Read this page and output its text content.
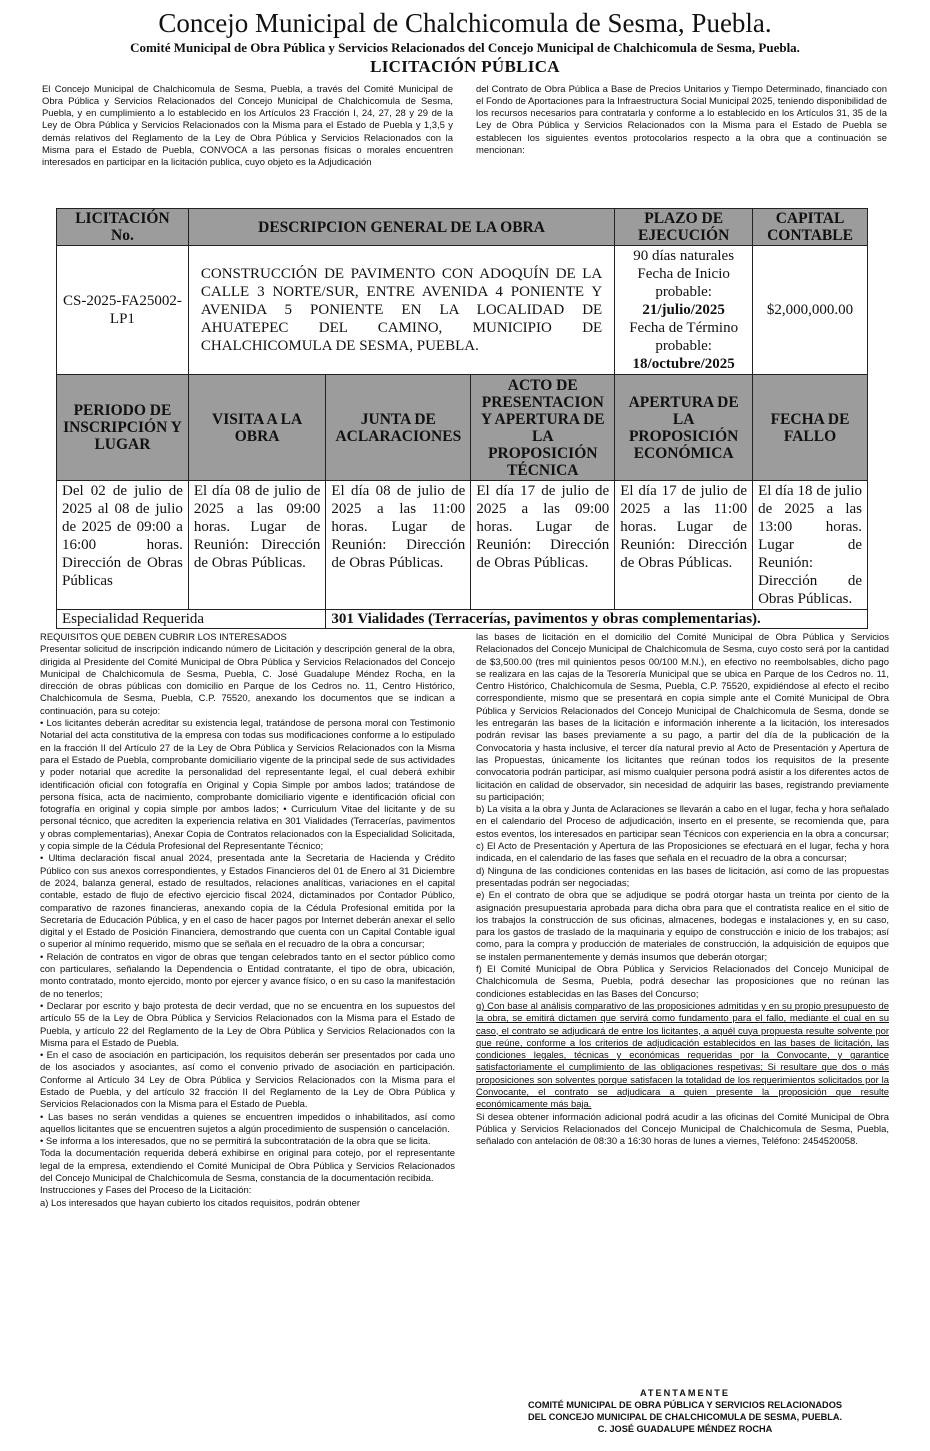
Concejo Municipal de Chalchicomula de Sesma, Puebla.
Comité Municipal de Obra Pública y Servicios Relacionados del Concejo Municipal de Chalchicomula de Sesma, Puebla.
LICITACIÓN PÚBLICA
El Concejo Municipal de Chalchicomula de Sesma, Puebla, a través del Comité Municipal de Obra Pública y Servicios Relacionados del Concejo Municipal de Chalchicomula de Sesma, Puebla, y en cumplimiento a lo establecido en los Artículos 23 Fracción I, 24, 27, 28 y 29 de la Ley de Obra Pública y Servicios Relacionados con la Misma para el Estado de Puebla y 1,3,5 y demás relativos del Reglamento de la Ley de Obra Pública y Servicios Relacionados con la Misma para el Estado de Puebla, CONVOCA a las personas físicas o morales encuentren interesados en participar en la licitación publica, cuyo objeto es la Adjudicación
del Contrato de Obra Pública a Base de Precios Unitarios y Tiempo Determinado, financiado con el Fondo de Aportaciones para la Infraestructura Social Municipal 2025, teniendo disponibilidad de los recursos necesarios para contratarla y conforme a lo establecido en los Artículos 31, 35 de la Ley de Obra Pública y Servicios Relacionados con la Misma para el Estado de Puebla se establecen los siguientes eventos protocolarios respecto a la obra que a continuación se mencionan:
LICITACIÓN No.	DESCRIPCION GENERAL DE LA OBRA			PLAZO DE EJECUCIÓN	CAPITAL CONTABLE
CS-2025-FA25002-LP1	CONSTRUCCIÓN DE PAVIMENTO CON ADOQUÍN DE LA CALLE 3 NORTE/SUR, ENTRE AVENIDA 4 PONIENTE Y AVENIDA 5 PONIENTE EN LA LOCALIDAD DE AHUATEPEC DEL CAMINO, MUNICIPIO DE CHALCHICOMULA DE SESMA, PUEBLA.			90 días naturales
Fecha de Inicio probable:
21/julio/2025
Fecha de Término probable:
18/octubre/2025	$2,000,000.00
PERIODO DE INSCRIPCIÓN Y LUGAR	VISITA A LA OBRA	JUNTA DE ACLARACIONES	ACTO DE PRESENTACION Y APERTURA DE LA PROPOSICIÓN TÉCNICA	APERTURA DE LA PROPOSICIÓN ECONÓMICA	FECHA DE FALLO
Del 02 de julio de 2025 al 08 de julio de 2025 de 09:00 a 16:00 horas. Dirección de Obras Públicas	El día 08 de julio de 2025 a las 09:00 horas. Lugar de Reunión: Dirección de Obras Públicas.	El día 08 de julio de 2025 a las 11:00 horas. Lugar de Reunión: Dirección de Obras Públicas.	El día 17 de julio de 2025 a las 09:00 horas. Lugar de Reunión: Dirección de Obras Públicas.	El día 17 de julio de 2025 a las 11:00 horas. Lugar de Reunión: Dirección de Obras Públicas.	El día 18 de julio de 2025 a las 13:00 horas. Lugar de Reunión: Dirección de Obras Públicas.
Especialidad Requerida		301 Vialidades (Terracerías, pavimentos y obras complementarias).			

REQUISITOS QUE DEBEN CUBRIR LOS INTERESADOS

Presentar solicitud de inscripción indicando número de Licitación y descripción general de la obra, dirigida al Presidente del Comité Municipal de Obra Pública y Servicios Relacionados del Concejo Municipal de Chalchicomula de Sesma, Puebla, C. José Guadalupe Méndez Rocha, en la dirección de obras públicas con domicilio en Parque de los Cedros no. 11, Centro Histórico, Chalchicomula de Sesma, Puebla, C.P. 75520, anexando los documentos que se indican a continuación, para su cotejo:

• Los licitantes deberán acreditar su existencia legal, tratándose de persona moral con Testimonio Notarial del acta constitutiva de la empresa con todas sus modificaciones conforme a lo estipulado en la fracción II del Artículo 27 de la Ley de Obra Pública y Servicios Relacionados con la Misma para el Estado de Puebla, comprobante domiciliario vigente de la principal sede de sus actividades y poder notarial que acredite la personalidad del representante legal, el cual deberá exhibir identificación oficial con fotografía en Original y Copia Simple por ambos lados; tratándose de persona física, acta de nacimiento, comprobante domiciliario vigente e identificación oficial con fotografía en original y copia simple por ambos lados; • Curriculum Vitae del licitante y de su personal técnico, que acrediten la experiencia relativa en 301 Vialidades (Terracerías, pavimentos y obras complementarias), Anexar Copia de Contratos relacionados con la Especialidad Solicitada, y copia simple de la Cédula Profesional del Representante Técnico;

• Ultima declaración fiscal anual 2024, presentada ante la Secretaria de Hacienda y Crédito Público con sus anexos correspondientes, y Estados Financieros del 01 de Enero al 31 Diciembre de 2024, balanza general, estado de resultados, relaciones analíticas, variaciones en el capital contable, estado de flujo de efectivo ejercicio fiscal 2024, dictaminados por Contador Público, comparativo de razones financieras, anexando copia de la Cédula Profesional emitida por la Secretaria de Educación Pública, y en el caso de hacer pagos por Internet deberán anexar el sello digital y el Estado de Posición Financiera, demostrando que cuenta con un Capital Contable igual o superior al mínimo requerido, mismo que se señala en el recuadro de la obra a concursar;

• Relación de contratos en vigor de obras que tengan celebrados tanto en el sector público como con particulares, señalando la Dependencia o Entidad contratante, el tipo de obra, ubicación, monto contratado, monto ejercido, monto por ejercer y avance físico, o en su caso la manifestación de no tenerlos;

• Declarar por escrito y bajo protesta de decir verdad, que no se encuentra en los supuestos del artículo 55 de la Ley de Obra Pública y Servicios Relacionados con la Misma para el Estado de Puebla, y artículo 22 del Reglamento de la Ley de Obra Pública y Servicios Relacionados con la Misma para el Estado de Puebla.

• En el caso de asociación en participación, los requisitos deberán ser presentados por cada uno de los asociados y asociantes, así como el convenio privado de asociación en participación. Conforme al Artículo 34 Ley de Obra Pública y Servicios Relacionados con la Misma para el Estado de Puebla, y del artículo 32 fracción II del Reglamento de la Ley de Obra Pública y Servicios Relacionados con la Misma para el Estado de Puebla.

• Las bases no serán vendidas a quienes se encuentren impedidos o inhabilitados, así como aquellos licitantes que se encuentren sujetos a algún procedimiento de suspensión o cancelación.

• Se informa a los interesados, que no se permitirá la subcontratación de la obra que se licita.

Toda la documentación requerida deberá exhibirse en original para cotejo, por el representante legal de la empresa, extendiendo el Comité Municipal de Obra Pública y Servicios Relacionados del Concejo Municipal de Chalchicomula de Sesma, constancia de la documentación recibida.

Instrucciones y Fases del Proceso de la Licitación:

a) Los interesados que hayan cubierto los citados requisitos, podrán obtener

las bases de licitación en el domicilio del Comité Municipal de Obra Pública y Servicios Relacionados del Concejo Municipal de Chalchicomula de Sesma, cuyo costo será por la cantidad de $3,500.00 (tres mil quinientos pesos 00/100 M.N.), en efectivo no reembolsables, dicho pago se realizara en las cajas de la Tesorería Municipal que se ubica en Parque de los Cedros no. 11, Centro Histórico, Chalchicomula de Sesma, Puebla, C.P. 75520, expidiéndose al efecto el recibo correspondiente, mismo que se presentará en copia simple ante el Comité Municipal de Obra Pública y Servicios Relacionados del Concejo Municipal de Chalchicomula de Sesma, donde se les entregarán las bases de la licitación e información inherente a la licitación, los interesados podrán revisar las bases previamente a su pago, a partir del día de la publicación de la Convocatoria y hasta inclusive, el tercer día natural previo al Acto de Presentación y Apertura de las Propuestas, únicamente los licitantes que reúnan todos los requisitos de la presente convocatoria podrán participar, así mismo cualquier persona podrá asistir a los diferentes actos de licitación en calidad de observador, sin necesidad de adquirir las bases, registrando previamente su participación;

b) La visita a la obra y Junta de Aclaraciones se llevarán a cabo en el lugar, fecha y hora señalado en el calendario del Proceso de adjudicación, inserto en el presente, se recomienda que, para estos eventos, los interesados en participar sean Técnicos con experiencia en la obra a concursar; c) El Acto de Presentación y Apertura de las Proposiciones se efectuará en el lugar, fecha y hora indicada, en el calendario de las fases que señala en el recuadro de la obra a concursar;

d) Ninguna de las condiciones contenidas en las bases de licitación, así como de las propuestas presentadas podrán ser negociadas;

e) En el contrato de obra que se adjudique se podrá otorgar hasta un treinta por ciento de la asignación presupuestaria aprobada para dicha obra para que el contratista realice en el sitio de los trabajos la construcción de sus oficinas, almacenes, bodegas e instalaciones y, en su caso, para los gastos de traslado de la maquinaria y equipo de construcción e inicio de los trabajos; así como, para la compra y producción de materiales de construcción, la adquisición de equipos que se instalen permanentemente y demás insumos que deberán otorgar;

f) El Comité Municipal de Obra Pública y Servicios Relacionados del Concejo Municipal de Chalchicomula de Sesma, Puebla, podrá desechar las proposiciones que no reúnan las condiciones establecidas en las Bases del Concurso;

g) Con base al análisis comparativo de las proposiciones admitidas y en su propio presupuesto de la obra, se emitirá dictamen que servirá como fundamento para el fallo, mediante el cual en su caso, el contrato se adjudicará de entre los licitantes, a aquél cuya propuesta resulte solvente por que reúne, conforme a los criterios de adjudicación establecidos en las bases de licitación, las condiciones legales, técnicas y económicas requeridas por la Convocante, y garantice satisfactoriamente el cumplimiento de las obligaciones respetivas; Si resultare que dos o más proposiciones son solventes porque satisfacen la totalidad de los requerimientos solicitados por la Convocante, el contrato se adjudicara a quien presente la proposición que resulte económicamente más baja.

Si desea obtener información adicional podrá acudir a las oficinas del Comité Municipal de Obra Pública y Servicios Relacionados del Concejo Municipal de Chalchicomula de Sesma, Puebla, señalado con antelación de 08:30 a 16:30 horas de lunes a viernes, Teléfono: 2454520058.

ATENTAMENTE
COMITÉ MUNICIPAL DE OBRA PÚBLICA Y SERVICIOS RELACIONADOS
DEL CONCEJO MUNICIPAL DE CHALCHICOMULA DE SESMA, PUEBLA.
C. JOSÉ GUADALUPE MÉNDEZ ROCHA
